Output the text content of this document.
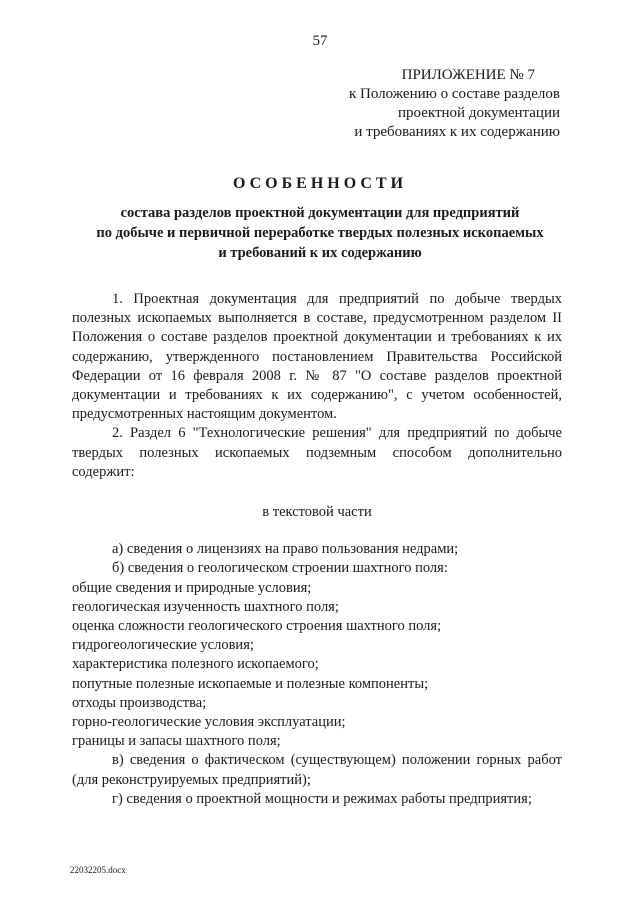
57
ПРИЛОЖЕНИЕ № 7
к Положению о составе разделов
проектной документации
и требованиях к их содержанию
ОСОБЕННОСТИ
состава разделов проектной документации для предприятий
по добыче и первичной переработке твердых полезных ископаемых
и требований к их содержанию

1. Проектная документация для предприятий по добыче твердых полезных ископаемых выполняется в составе, предусмотренном разделом II Положения о составе разделов проектной документации и требованиях к их содержанию, утвержденного постановлением Правительства Российской Федерации от 16 февраля 2008 г. № 87 "О составе разделов проектной документации и требованиях к их содержанию", с учетом особенностей, предусмотренных настоящим документом.

2. Раздел 6 "Технологические решения" для предприятий по добыче твердых полезных ископаемых подземным способом дополнительно содержит:

в текстовой части

а) сведения о лицензиях на право пользования недрами;

б) сведения о геологическом строении шахтного поля:

общие сведения и природные условия;

геологическая изученность шахтного поля;

оценка сложности геологического строения шахтного поля;

гидрогеологические условия;

характеристика полезного ископаемого;

попутные полезные ископаемые и полезные компоненты;

отходы производства;

горно-геологические условия эксплуатации;

границы и запасы шахтного поля;

в) сведения о фактическом (существующем) положении горных работ (для реконструируемых предприятий);

г) сведения о проектной мощности и режимах работы предприятия;

22032205.docx
